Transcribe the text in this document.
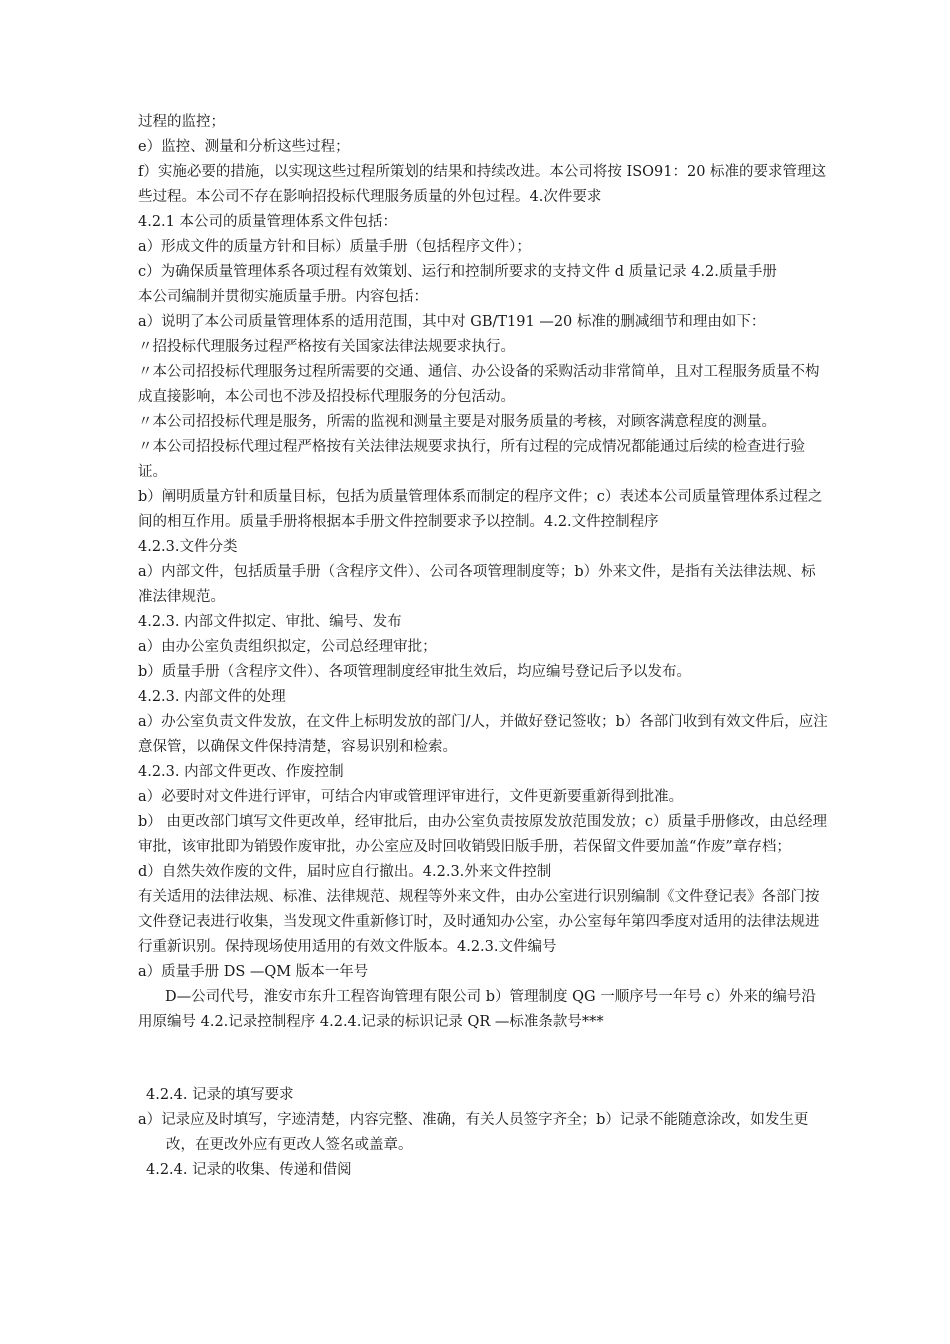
过程的监控；

e）监控、测量和分析这些过程；

f）实施必要的措施，以实现这些过程所策划的结果和持续改进。本公司将按 ISO91：20 标准的要求管理这些过程。本公司不存在影响招投标代理服务质量的外包过程。4.次件要求

4.2.1 本公司的质量管理体系文件包括：

a）形成文件的质量方针和目标）质量手册（包括程序文件）；

c）为确保质量管理体系各项过程有效策划、运行和控制所要求的支持文件 d 质量记录 4.2.质量手册

本公司编制并贯彻实施质量手册。内容包括：

a）说明了本公司质量管理体系的适用范围，其中对 GB/T191 —20 标准的删减细节和理由如下：

〃招投标代理服务过程严格按有关国家法律法规要求执行。

〃本公司招投标代理服务过程所需要的交通、通信、办公设备的采购活动非常简单，且对工程服务质量不构成直接影响，本公司也不涉及招投标代理服务的分包活动。

〃本公司招投标代理是服务，所需的监视和测量主要是对服务质量的考核，对顾客满意程度的测量。

〃本公司招投标代理过程严格按有关法律法规要求执行，所有过程的完成情况都能通过后续的检查进行验证。

b）阐明质量方针和质量目标，包括为质量管理体系而制定的程序文件；c）表述本公司质量管理体系过程之间的相互作用。质量手册将根据本手册文件控制要求予以控制。4.2.文件控制程序

4.2.3.文件分类

a）内部文件，包括质量手册（含程序文件）、公司各项管理制度等；b）外来文件，是指有关法律法规、标准法律规范。

4.2.3. 内部文件拟定、审批、编号、发布

a）由办公室负责组织拟定，公司总经理审批；

b）质量手册（含程序文件）、各项管理制度经审批生效后，均应编号登记后予以发布。

4.2.3. 内部文件的处理

a）办公室负责文件发放，在文件上标明发放的部门/人，并做好登记签收；b）各部门收到有效文件后，应注意保管，以确保文件保持清楚，容易识别和检索。

4.2.3. 内部文件更改、作废控制

a）必要时对文件进行评审，可结合内审或管理评审进行，文件更新要重新得到批准。

b） 由更改部门填写文件更改单，经审批后，由办公室负责按原发放范围发放；c）质量手册修改，由总经理审批，该审批即为销毁作废审批，办公室应及时回收销毁旧版手册，若保留文件要加盖“作废”章存档；

d）自然失效作废的文件，届时应自行撤出。4.2.3.外来文件控制

有关适用的法律法规、标准、法律规范、规程等外来文件，由办公室进行识别编制《文件登记表》各部门按文件登记表进行收集，当发现文件重新修订时，及时通知办公室，办公室每年第四季度对适用的法律法规进行重新识别。保持现场使用适用的有效文件版本。4.2.3.文件编号

a）质量手册 DS —QM 版本一年号

D—公司代号，淮安市东升工程咨询管理有限公司 b）管理制度 QG 一顺序号一年号 c）外来的编号沿用原编号 4.2.记录控制程序 4.2.4.记录的标识记录 QR —标准条款号***

4.2.4. 记录的填写要求

a）记录应及时填写，字迹清楚，内容完整、准确，有关人员签字齐全；b）记录不能随意涂改，如发生更改，在更改外应有更改人签名或盖章。

4.2.4. 记录的收集、传递和借阅
